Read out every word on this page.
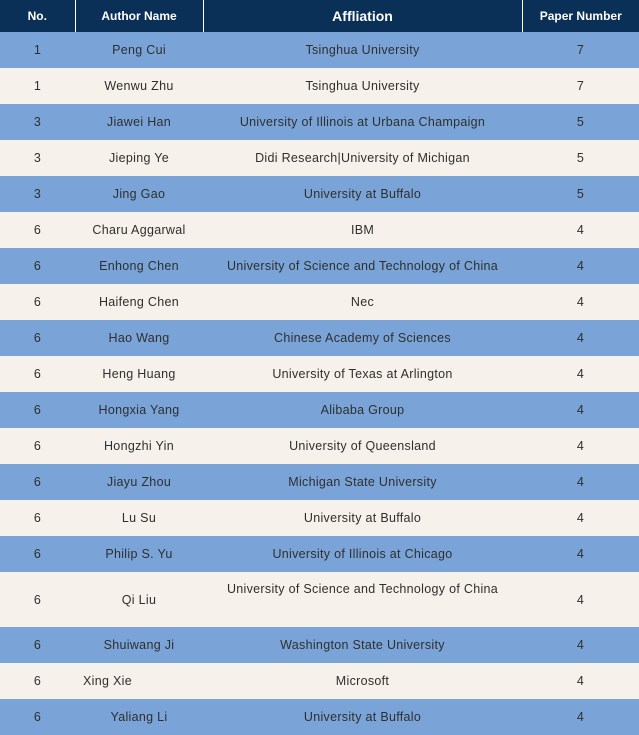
No.	Author Name	Affliation	Paper Number
1	Peng Cui	Tsinghua University	7
1	Wenwu Zhu	Tsinghua University	7
3	Jiawei Han	University of Illinois at Urbana Champaign	5
3	Jieping Ye	Didi Research|University of Michigan	5
3	Jing Gao	University at Buffalo	5
6	Charu Aggarwal	IBM	4
6	Enhong Chen	University of Science and Technology of China	4
6	Haifeng Chen	Nec	4
6	Hao Wang	Chinese Academy of Sciences	4
6	Heng Huang	University of Texas at Arlington	4
6	Hongxia Yang	Alibaba Group	4
6	Hongzhi Yin	University of Queensland	4
6	Jiayu Zhou	Michigan State University	4
6	Lu Su	University at Buffalo	4
6	Philip S. Yu	University of Illinois at Chicago	4
6	Qi Liu	University of Science and Technology of China	4
6	Shuiwang Ji	Washington State University	4
6	Xing Xie	Microsoft	4
6	Yaliang Li	University at Buffalo	4
